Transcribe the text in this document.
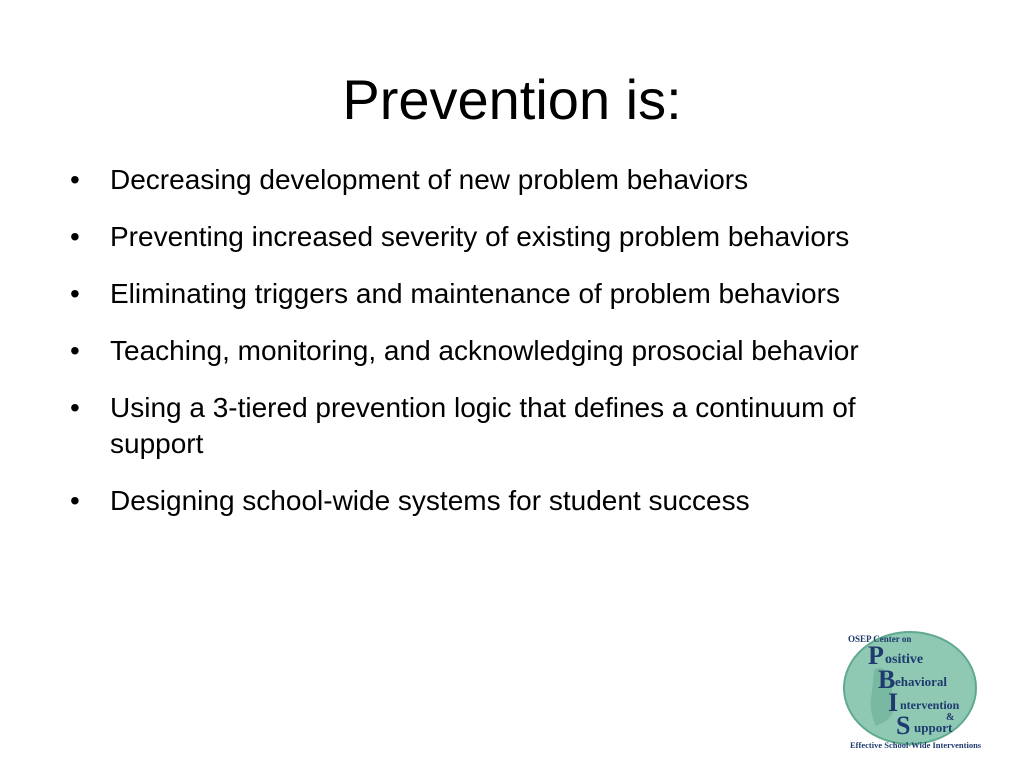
Prevention is:
•	Decreasing development of new problem behaviors
•	Preventing increased severity of existing problem behaviors
•	Eliminating triggers and maintenance of problem behaviors
•	Teaching, monitoring, and acknowledging prosocial behavior
•	Using a 3-tiered prevention logic that defines a continuum of support
•	Designing school-wide systems for student success
OSEP Center on
P ositive
B ehavioral
I ntervention
&
S upport
Effective School-Wide Interventions
